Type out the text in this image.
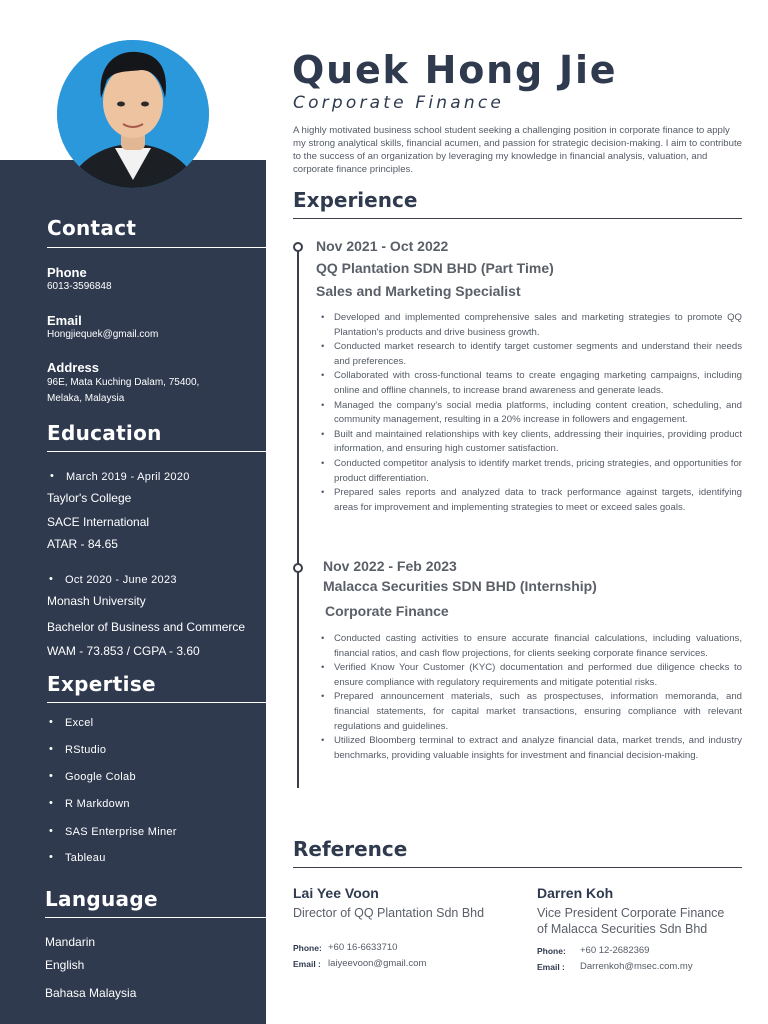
Contact
Phone
6013-3596848
Email
Hongjiequek@gmail.com
Address
96E, Mata Kuching Dalam, 75400,
Melaka, Malaysia
Education
• March 2019 - April 2020
Taylor's College
SACE International
ATAR - 84.65
• Oct 2020 - June 2023
Monash University
Bachelor of Business and Commerce
WAM - 73.853 / CGPA - 3.60
Expertise
• Excel
• RStudio
• Google Colab
• R Markdown
• SAS Enterprise Miner
• Tableau
Language
Mandarin
English
Bahasa Malaysia
Quek Hong Jie
Corporate Finance
A highly motivated business school student seeking a challenging position in corporate finance to apply my strong analytical skills, financial acumen, and passion for strategic decision-making. I aim to contribute to the success of an organization by leveraging my knowledge in financial analysis, valuation, and corporate finance principles.
Experience
Nov 2021 - Oct 2022
QQ Plantation SDN BHD (Part Time)
Sales and Marketing Specialist
• Developed and implemented comprehensive sales and marketing strategies to promote QQ Plantation's products and drive business growth.
• Conducted market research to identify target customer segments and understand their needs and preferences.
• Collaborated with cross-functional teams to create engaging marketing campaigns, including online and offline channels, to increase brand awareness and generate leads.
• Managed the company's social media platforms, including content creation, scheduling, and community management, resulting in a 20% increase in followers and engagement.
• Built and maintained relationships with key clients, addressing their inquiries, providing product information, and ensuring high customer satisfaction.
• Conducted competitor analysis to identify market trends, pricing strategies, and opportunities for product differentiation.
• Prepared sales reports and analyzed data to track performance against targets, identifying areas for improvement and implementing strategies to meet or exceed sales goals.
Nov 2022 - Feb 2023
Malacca Securities SDN BHD (Internship)
Corporate Finance
• Conducted casting activities to ensure accurate financial calculations, including valuations, financial ratios, and cash flow projections, for clients seeking corporate finance services.
• Verified Know Your Customer (KYC) documentation and performed due diligence checks to ensure compliance with regulatory requirements and mitigate potential risks.
• Prepared announcement materials, such as prospectuses, information memoranda, and financial statements, for capital market transactions, ensuring compliance with relevant regulations and guidelines.
• Utilized Bloomberg terminal to extract and analyze financial data, market trends, and industry benchmarks, providing valuable insights for investment and financial decision-making.
Reference
Lai Yee Voon
Director of QQ Plantation Sdn Bhd
Phone: +60 16-6633710
Email : laiyeevoon@gmail.com
Darren Koh
Vice President Corporate Finance
of Malacca Securities Sdn Bhd
Phone: +60 12-2682369
Email : Darrenkoh@msec.com.my
